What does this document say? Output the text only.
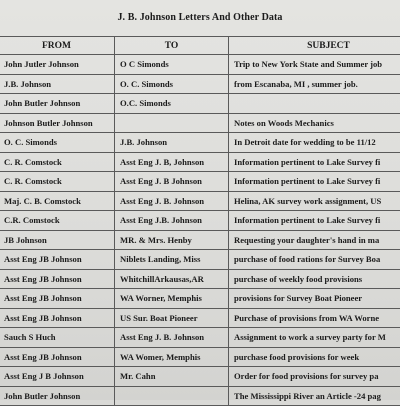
J. B. Johnson Letters And Other Data
FROM	TO	SUBJECT
John Jutler Johnson	O C Simonds	Trip to New York State and Summer job
J.B. Johnson	O. C. Simonds	from Escanaba, MI , summer job.
John Butler Johnson	O.C. Simonds	
Johnson Butler Johnson		Notes on Woods Mechanics
O. C. Simonds	J.B. Johnson	In Detroit date for wedding to be 11/12
C. R. Comstock	Asst Eng J. B, Johnson	Information pertinent to Lake Survey fi
C. R. Comstock	Asst Eng J. B Johnson	Information pertinent to Lake Survey fi
Maj. C. B. Comstock	Asst Eng J. B. Johnson	Helina, AK survey work assignment, US
C.R. Comstock	Asst Eng J.B. Johnson	Information pertinent to Lake Survey fi
JB Johnson	MR. & Mrs. Henby	Requesting your daughter's hand in ma
Asst Eng JB Johnson	Niblets Landing, Miss	purchase of food rations for Survey Boa
Asst Eng JB Johnson	WhitchillArkausas,AR	purchase of weekly food provisions
Asst Eng JB Johnson	WA Worner, Memphis	provisions for Survey Boat Pioneer
Asst Eng JB Johnson	US Sur. Boat Pioneer	Purchase of provisions from WA Worne
Sauch S Huch	Asst Eng J. B. Johnson	Assignment to work a survey party for M
Asst Eng JB Johnson	WA Womer, Memphis	purchase food provisions for week
Asst Eng J B Johnson	Mr. Cahn	Order for food provisions for survey pa
John Butler Johnson		The Mississippi River an Article -24 pag
